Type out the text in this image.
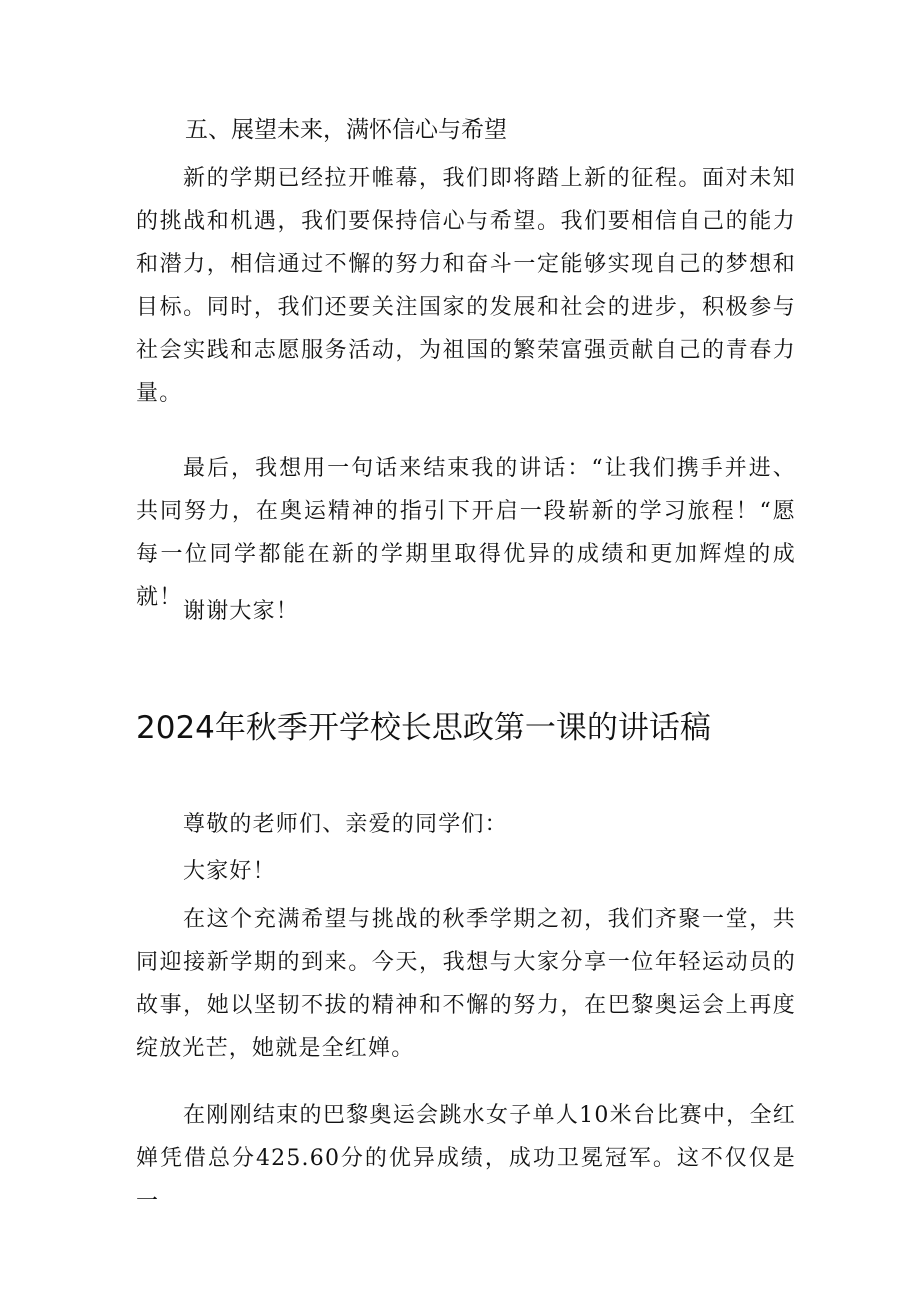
五、展望未来，满怀信心与希望

新的学期已经拉开帷幕，我们即将踏上新的征程。面对未知的挑战和机遇，我们要保持信心与希望。我们要相信自己的能力和潜力，相信通过不懈的努力和奋斗一定能够实现自己的梦想和目标。同时，我们还要关注国家的发展和社会的进步，积极参与社会实践和志愿服务活动，为祖国的繁荣富强贡献自己的青春力量。

最后，我想用一句话来结束我的讲话：“让我们携手并进、共同努力，在奥运精神的指引下开启一段崭新的学习旅程！“愿每一位同学都能在新的学期里取得优异的成绩和更加辉煌的成就！

谢谢大家！

2024年秋季开学校长思政第一课的讲话稿

尊敬的老师们、亲爱的同学们：

大家好！

在这个充满希望与挑战的秋季学期之初，我们齐聚一堂，共同迎接新学期的到来。今天，我想与大家分享一位年轻运动员的故事，她以坚韧不拔的精神和不懈的努力，在巴黎奥运会上再度绽放光芒，她就是全红婵。

在刚刚结束的巴黎奥运会跳水女子单人10米台比赛中，全红婵凭借总分425.60分的优异成绩，成功卫冕冠军。这不仅仅是一
